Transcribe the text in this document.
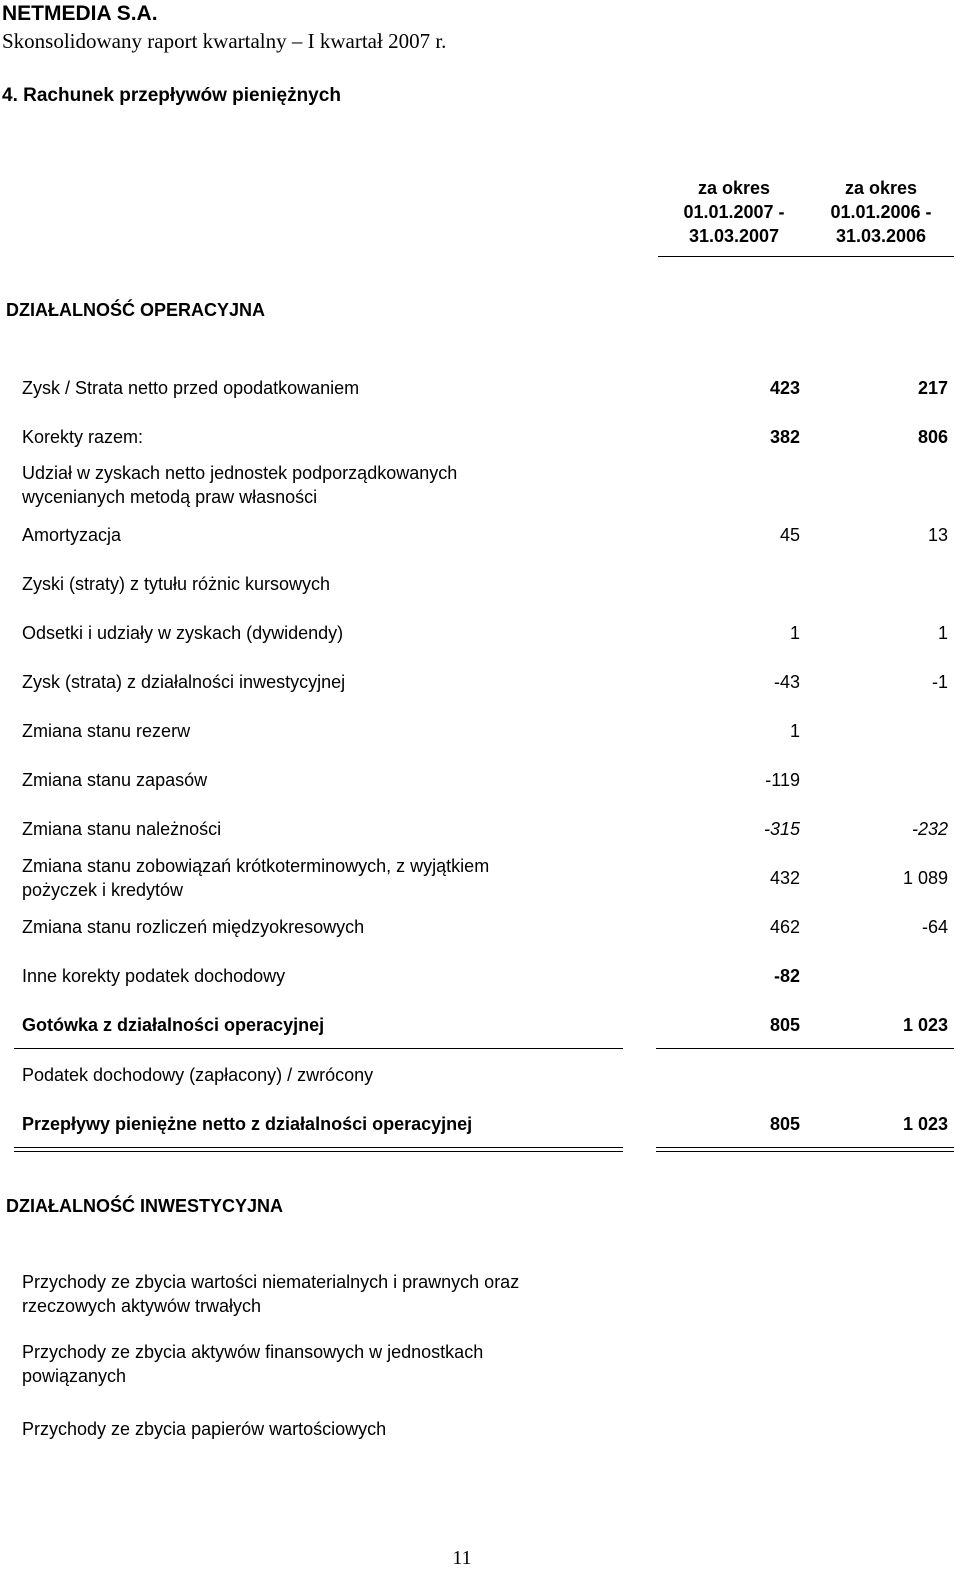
NETMEDIA S.A.
Skonsolidowany raport kwartalny – I kwartał 2007 r.
4. Rachunek przepływów pieniężnych
za okres
01.01.2007 -
31.03.2007
za okres
01.01.2006 -
31.03.2006
DZIAŁALNOŚĆ OPERACYJNA
Zysk / Strata netto przed opodatkowaniem	423	217
Korekty razem:	382	806
Udział w zyskach netto jednostek podporządkowanych
wycenianych metodą praw własności
Amortyzacja	45	13
Zyski (straty) z tytułu różnic kursowych
Odsetki i udziały w zyskach (dywidendy)	1	1
Zysk (strata) z działalności inwestycyjnej	-43	-1
Zmiana stanu rezerw	1
Zmiana stanu zapasów	-119
Zmiana stanu należności	-315	-232
Zmiana stanu zobowiązań krótkoterminowych, z wyjątkiem
pożyczek i kredytów
432	1 089
Zmiana stanu rozliczeń międzyokresowych	462	-64
Inne korekty podatek dochodowy	-82
Gotówka z działalności operacyjnej	805	1 023
Podatek dochodowy (zapłacony) / zwrócony
Przepływy pieniężne netto z działalności operacyjnej	805	1 023
DZIAŁALNOŚĆ INWESTYCYJNA
Przychody ze zbycia wartości niematerialnych i prawnych oraz
rzeczowych aktywów trwałych
Przychody ze zbycia aktywów finansowych w jednostkach
powiązanych
Przychody ze zbycia papierów wartościowych
11
